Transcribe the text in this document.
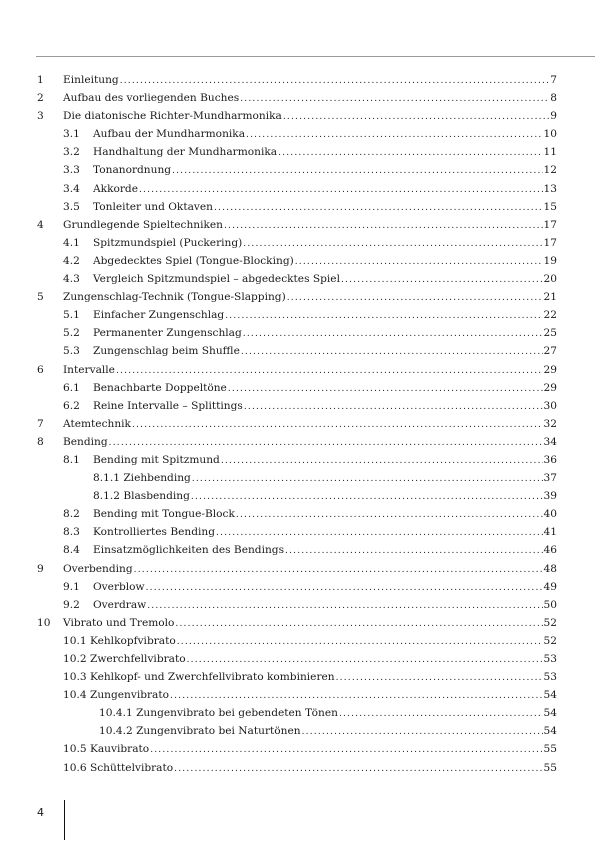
1	Einleitung .....	7
2	Aufbau des vorliegenden Buches .....	8
3	Die diatonische Richter-Mundharmonika .....	9
3.1	Aufbau der Mundharmonika .....	10
3.2	Handhaltung der Mundharmonika .....	11
3.3	Tonanordnung .....	12
3.4	Akkorde .....	13
3.5	Tonleiter und Oktaven .....	15
4	Grundlegende Spieltechniken .....	17
4.1	Spitzmundspiel (Puckering) .....	17
4.2	Abgedecktes Spiel (Tongue-Blocking) .....	19
4.3	Vergleich Spitzmundspiel – abgedecktes Spiel .....	20
5	Zungenschlag-Technik (Tongue-Slapping) .....	21
5.1	Einfacher Zungenschlag .....	22
5.2	Permanenter Zungenschlag .....	25
5.3	Zungenschlag beim Shuffle .....	27
6	Intervalle .....	29
6.1	Benachbarte Doppeltöne .....	29
6.2	Reine Intervalle – Splittings .....	30
7	Atemtechnik .....	32
8	Bending .....	34
8.1	Bending mit Spitzmund .....	36
8.1.1 Ziehbending .....	37
8.1.2 Blasbending .....	39
8.2	Bending mit Tongue-Block .....	40
8.3	Kontrolliertes Bending .....	41
8.4	Einsatzmöglichkeiten des Bendings .....	46
9	Overbending .....	48
9.1	Overblow .....	49
9.2	Overdraw .....	50
10	Vibrato und Tremolo .....	52
10.1 Kehlkopfvibrato .....	52
10.2 Zwerchfellvibrato .....	53
10.3 Kehlkopf- und Zwerchfellvibrato kombinieren .....	53
10.4 Zungenvibrato .....	54
10.4.1 Zungenvibrato bei gebendeten Tönen .....	54
10.4.2 Zungenvibrato bei Naturtönen .....	54
10.5 Kauvibrato .....	55
10.6 Schüttelvibrato .....	55
4
